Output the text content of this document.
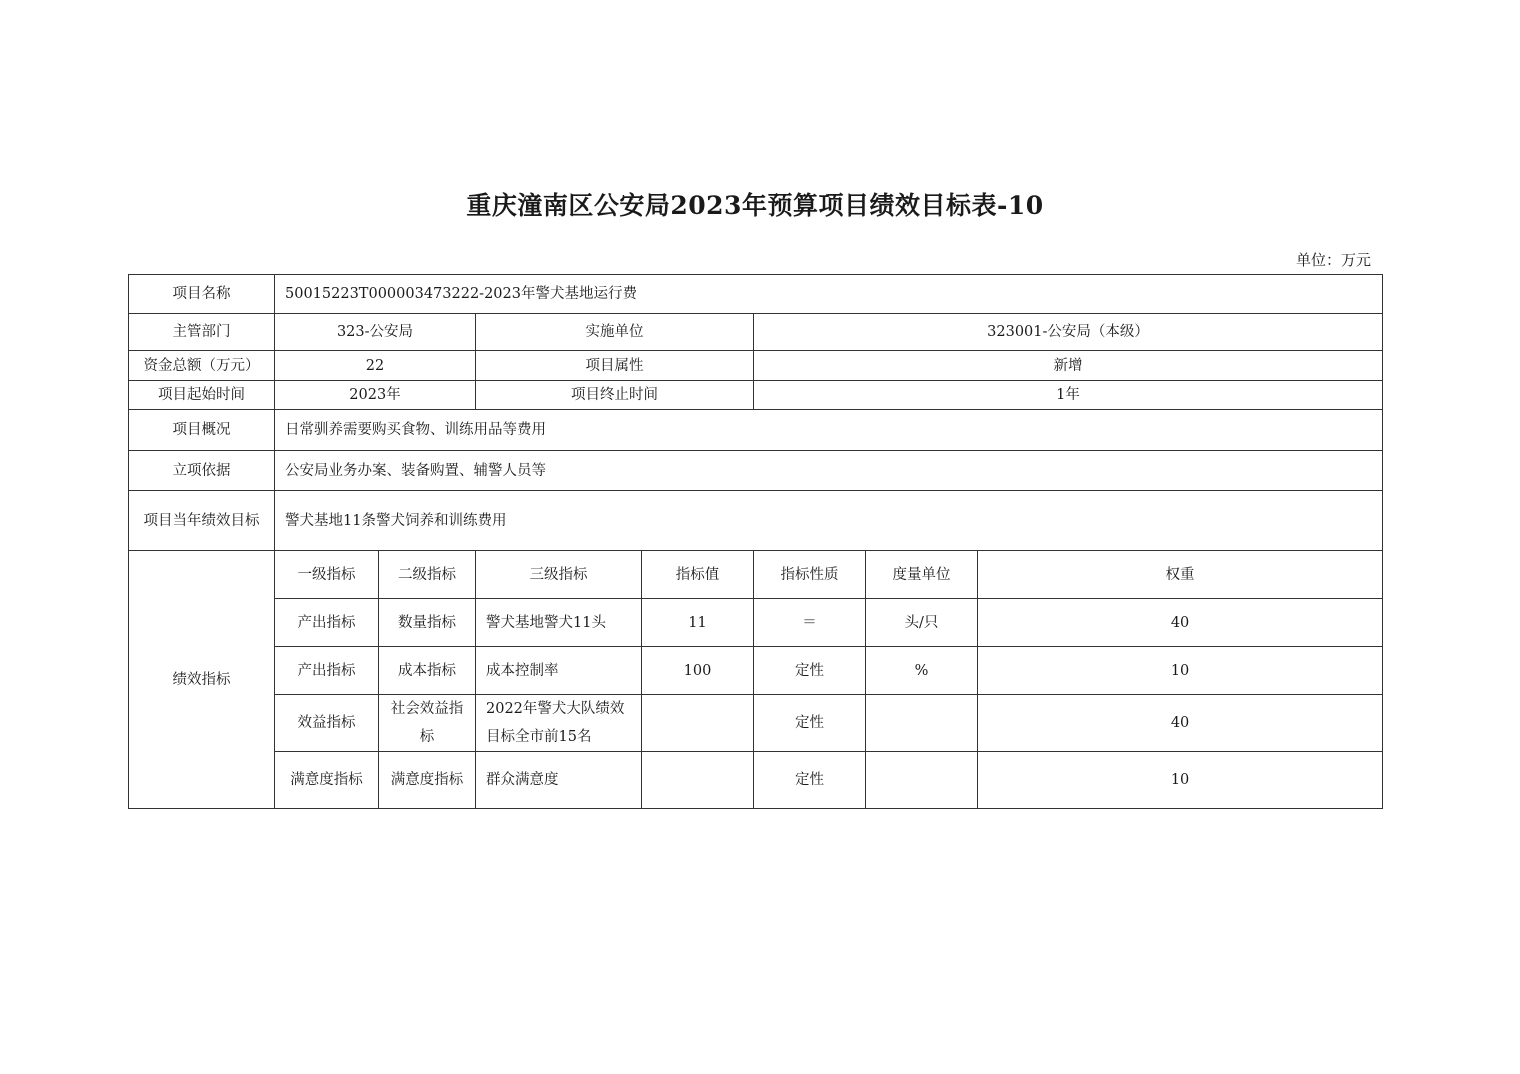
重庆潼南区公安局2023年预算项目绩效目标表-10
单位：万元
项目名称	50015223T000003473222-2023年警犬基地运行费						
主管部门	323-公安局		实施单位		323001-公安局（本级）		
资金总额（万元）	22		项目属性		新增		
项目起始时间	2023年		项目终止时间		1年		
项目概况	日常驯养需要购买食物、训练用品等费用						
立项依据	公安局业务办案、装备购置、辅警人员等						
项目当年绩效目标	警犬基地11条警犬饲养和训练费用						
绩效指标	一级指标	二级指标	三级指标	指标值	指标性质	度量单位	权重
	产出指标	数量指标	警犬基地警犬11头	11	＝	头/只	40
	产出指标	成本指标	成本控制率	100	定性	%	10
	效益指标	社会效益指标	2022年警犬大队绩效目标全市前15名		定性		40
	满意度指标	满意度指标	群众满意度		定性		10
